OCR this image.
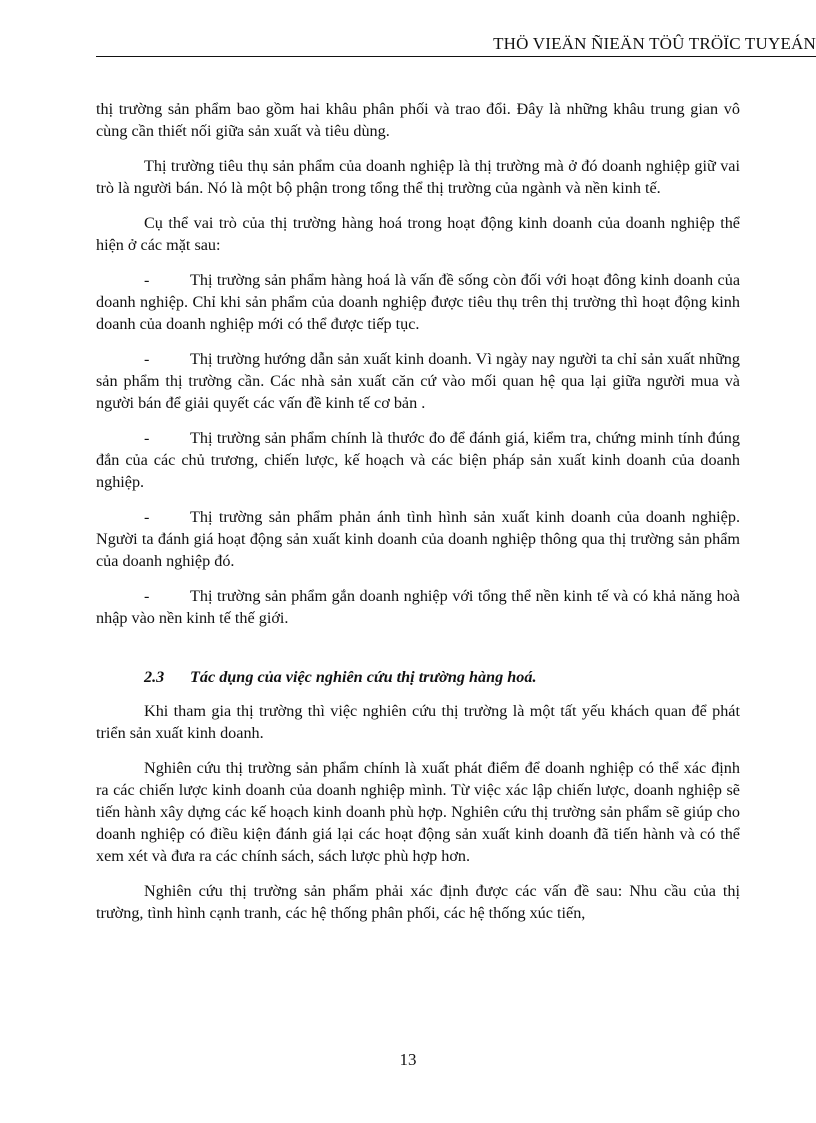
THÖ VIEÄN ÑIEÄN TÖÛ TRÖÏC TUYEÁN

thị trường sản phẩm bao gồm hai khâu phân phối và trao đổi. Đây là những khâu trung gian vô cùng cần thiết nối giữa sản xuất và tiêu dùng.

Thị trường tiêu thụ sản phẩm của doanh nghiệp là thị trường mà ở đó doanh nghiệp giữ vai trò là người bán. Nó là một bộ phận trong tổng thể thị trường của ngành và nền kinh tế.

Cụ thể vai trò của thị trường hàng hoá trong hoạt động kinh doanh của doanh nghiệp thể hiện ở các mặt sau:

-	Thị trường sản phẩm hàng hoá là vấn đề sống còn đối với hoạt đông kinh doanh của doanh nghiệp. Chỉ khi sản phẩm của doanh nghiệp được tiêu thụ trên thị trường thì hoạt động kinh doanh của doanh nghiệp mới có thể được tiếp tục.

-	Thị trường hướng dẫn sản xuất kinh doanh. Vì ngày nay người ta chỉ sản xuất những sản phẩm thị trường cần. Các nhà sản xuất căn cứ vào mối quan hệ qua lại giữa người mua và người bán để giải quyết các vấn đề kinh tế cơ bản .

-	Thị trường sản phẩm chính là thước đo để đánh giá, kiểm tra, chứng minh tính đúng đắn của các chủ trương, chiến lược, kế hoạch và các biện pháp sản xuất kinh doanh của doanh nghiệp.

-	Thị trường sản phẩm phản ánh tình hình sản xuất kinh doanh của doanh nghiệp. Người ta đánh giá hoạt động sản xuất kinh doanh của doanh nghiệp thông qua thị trường sản phẩm của doanh nghiệp đó.

-	Thị trường sản phẩm gắn doanh nghiệp với tổng thể nền kinh tế và có khả năng hoà nhập vào nền kinh tế thế giới.

2.3 Tác dụng của việc nghiên cứu thị trường hàng hoá.

Khi tham gia thị trường thì việc nghiên cứu thị trường là một tất yếu khách quan để phát triển sản xuất kinh doanh.

Nghiên cứu thị trường sản phẩm chính là xuất phát điểm để doanh nghiệp có thể xác định ra các chiến lược kinh doanh của doanh nghiệp mình. Từ việc xác lập chiến lược, doanh nghiệp sẽ tiến hành xây dựng các kế hoạch kinh doanh phù hợp. Nghiên cứu thị trường sản phẩm sẽ giúp cho doanh nghiệp có điều kiện đánh giá lại các hoạt động sản xuất kinh doanh đã tiến hành và có thể xem xét và đưa ra các chính sách, sách lược phù hợp hơn.

Nghiên cứu thị trường sản phẩm phải xác định được các vấn đề sau: Nhu cầu của thị trường, tình hình cạnh tranh, các hệ thống phân phối, các hệ thống xúc tiến,

13
